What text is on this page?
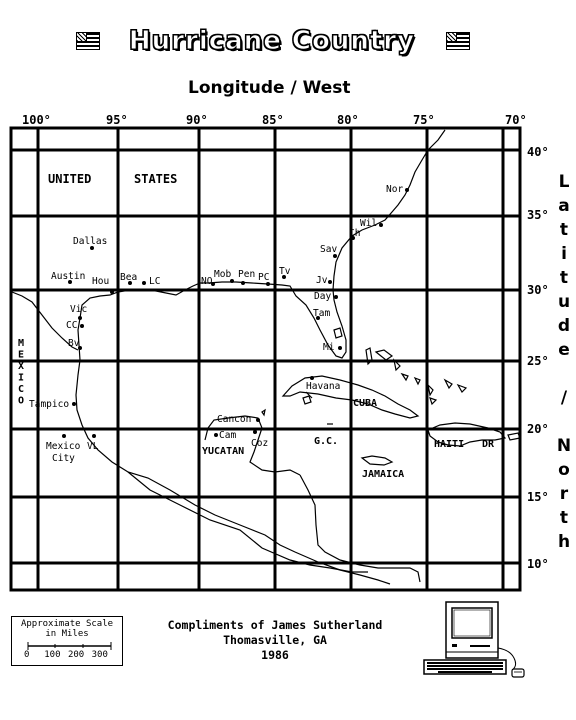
Hurricane Country
Longitude / West
100°	95°	90°	85°	80°	75°	70°
40°
35°
30°
25°
20°
15°
10°
L
a
t
i
t
u
d
e

/

N
o
r
t
h
UNITED	STATES
CUBA
HAITI DR
JAMAICA
G.C.
YUCATAN
M
E
X
I
C
O
Nor
Wil
Ch
Sav
Dallas
Austin Hou Bea LC	NO
Mob Pen PC
Tv
Jv
Day
Tam
Mi
Vic
CC
Bv
Tampico
Havana
Cancon
Cam
Coz
Mexico
City
VL
Approximate Scale
in Miles
0 100 200 300
Compliments of James Sutherland
Thomasville, GA
1986
